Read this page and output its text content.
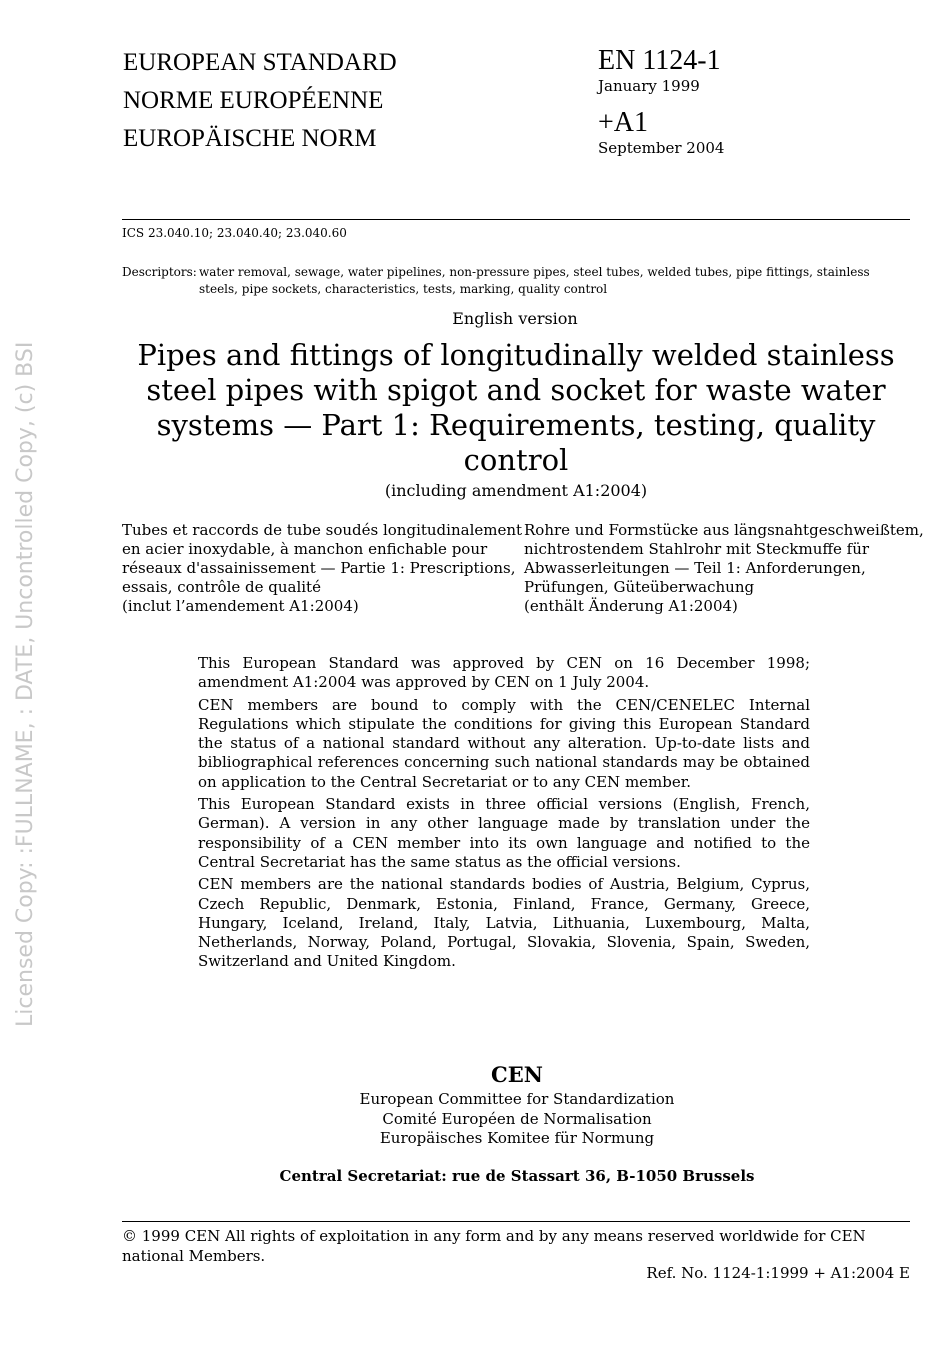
Licensed Copy: :FULLNAME, : DATE, Uncontrolled Copy, (c) BSI
EUROPEAN STANDARD
NORME EUROPÉENNE
EUROPÄISCHE NORM
EN 1124-1
January 1999
+A1
September 2004
ICS 23.040.10; 23.040.40; 23.040.60
Descriptors: water removal, sewage, water pipelines, non-pressure pipes, steel tubes, welded tubes, pipe fittings, stainless steels, pipe sockets, characteristics, tests, marking, quality control
English version
Pipes and fittings of longitudinally welded stainless
steel pipes with spigot and socket for waste water
systems — Part 1: Requirements, testing, quality
control
(including amendment A1:2004)
Tubes et raccords de tube soudés longitudinalement
en acier inoxydable, à manchon enfichable pour
réseaux d'assainissement — Partie 1: Prescriptions,
essais, contrôle de qualité
(inclut l’amendement A1:2004)
Rohre und Formstücke aus längsnahtgeschweißtem,
nichtrostendem Stahlrohr mit Steckmuffe für
Abwasserleitungen — Teil 1: Anforderungen,
Prüfungen, Güteüberwachung
(enthält Änderung A1:2004)

This European Standard was approved by CEN on 16 December 1998; amendment A1:2004 was approved by CEN on 1 July 2004.

CEN members are bound to comply with the CEN/CENELEC Internal Regulations which stipulate the conditions for giving this European Standard the status of a national standard without any alteration. Up-to-date lists and bibliographical references concerning such national standards may be obtained on application to the Central Secretariat or to any CEN member.

This European Standard exists in three official versions (English, French, German). A version in any other language made by translation under the responsibility of a CEN member into its own language and notified to the Central Secretariat has the same status as the official versions.

CEN members are the national standards bodies of Austria, Belgium, Cyprus, Czech Republic, Denmark, Estonia, Finland, France, Germany, Greece, Hungary, Iceland, Ireland, Italy, Latvia, Lithuania, Luxembourg, Malta, Netherlands, Norway, Poland, Portugal, Slovakia, Slovenia, Spain, Sweden, Switzerland and United Kingdom.

CEN
European Committee for Standardization
Comité Européen de Normalisation
Europäisches Komitee für Normung
Central Secretariat: rue de Stassart 36, B-1050 Brussels
© 1999 CEN All rights of exploitation in any form and by any means reserved worldwide for CEN national Members.
Ref. No. 1124-1:1999 + A1:2004 E
